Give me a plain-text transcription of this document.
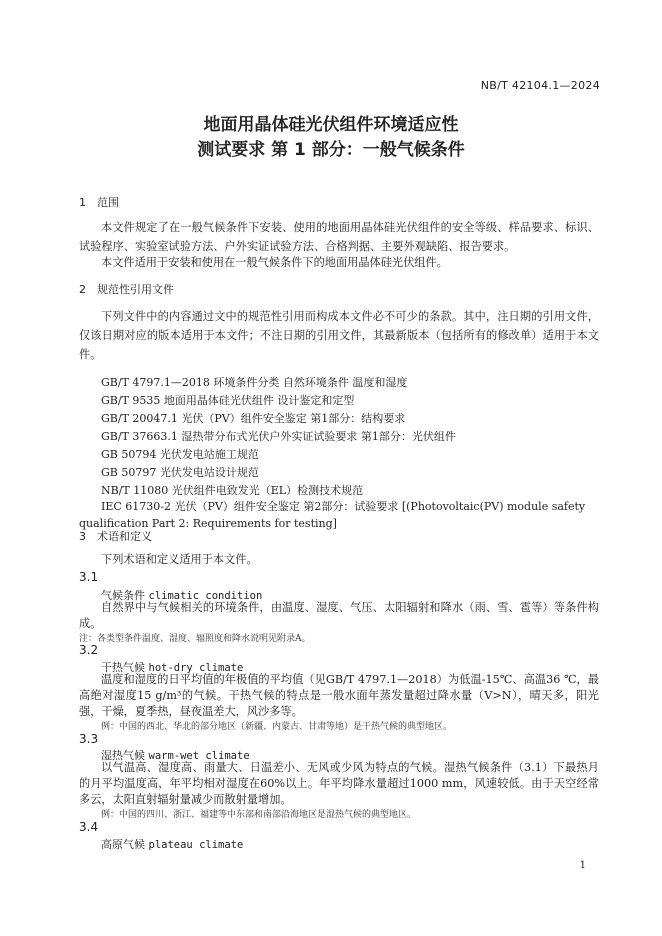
NB/T 42104.1—2024
地面用晶体硅光伏组件环境适应性
测试要求 第 1 部分：一般气候条件
1 范围
本文件规定了在一般气候条件下安装、使用的地面用晶体硅光伏组件的安全等级、样品要求、标识、试验程序、实验室试验方法、户外实证试验方法、合格判据、主要外观缺陷、报告要求。
本文件适用于安装和使用在一般气候条件下的地面用晶体硅光伏组件。
2 规范性引用文件
下列文件中的内容通过文中的规范性引用而构成本文件必不可少的条款。其中，注日期的引用文件，仅该日期对应的版本适用于本文件；不注日期的引用文件，其最新版本（包括所有的修改单）适用于本文件。
GB/T 4797.1—2018 环境条件分类 自然环境条件 温度和湿度
GB/T 9535 地面用晶体硅光伏组件 设计鉴定和定型
GB/T 20047.1 光伏（PV）组件安全鉴定 第1部分：结构要求
GB/T 37663.1 湿热带分布式光伏户外实证试验要求 第1部分：光伏组件
GB 50794 光伏发电站施工规范
GB 50797 光伏发电站设计规范
NB/T 11080 光伏组件电致发光（EL）检测技术规范
IEC 61730-2 光伏（PV）组件安全鉴定 第2部分：试验要求 [(Photovoltaic(PV) module safety qualification Part 2: Requirements for testing]
3 术语和定义
下列术语和定义适用于本文件。
3.1
气候条件 climatic condition
自然界中与气候相关的环境条件，由温度、湿度、气压、太阳辐射和降水（雨、雪、雹等）等条件构成。
注：各类型条件温度、湿度、辐照度和降水说明见附录A。
3.2
干热气候 hot-dry climate
温度和湿度的日平均值的年极值的平均值（见GB/T 4797.1—2018）为低温-15℃、高温36 ℃，最高绝对湿度15 g/m³的气候。干热气候的特点是一般水面年蒸发量超过降水量（V>N），晴天多，阳光强，干燥，夏季热，昼夜温差大，风沙多等。
例：中国的西北、华北的部分地区（新疆、内蒙古、甘肃等地）是干热气候的典型地区。
3.3
湿热气候 warm-wet climate
以气温高、湿度高、雨量大、日温差小、无风或少风为特点的气候。湿热气候条件（3.1）下最热月的月平均温度高，年平均相对湿度在60%以上。年平均降水量超过1000 mm，风速较低。由于天空经常多云，太阳直射辐射量减少而散射量增加。
例：中国的四川、浙江、福建等中东部和南部沿海地区是湿热气候的典型地区。
3.4
高原气候 plateau climate
1
